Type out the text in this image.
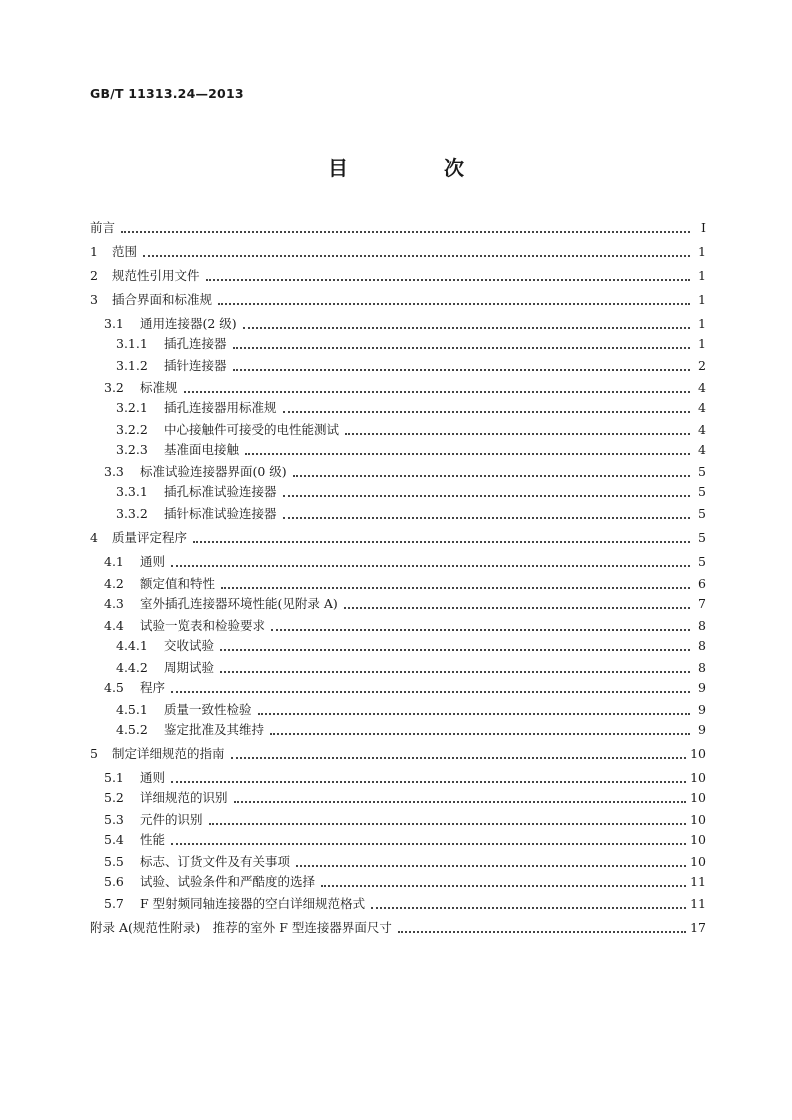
GB/T 11313.24—2013
目　次
前言	Ⅰ
1	范围	1
2	规范性引用文件	1
3	插合界面和标准规	1
3.1	通用连接器(2 级)	1
3.1.1	插孔连接器	1
3.1.2	插针连接器	2
3.2	标准规	4
3.2.1	插孔连接器用标准规	4
3.2.2	中心接触件可接受的电性能测试	4
3.2.3	基准面电接触	4
3.3	标准试验连接器界面(0 级)	5
3.3.1	插孔标准试验连接器	5
3.3.2	插针标准试验连接器	5
4	质量评定程序	5
4.1	通则	5
4.2	额定值和特性	6
4.3	室外插孔连接器环境性能(见附录 A)	7
4.4	试验一览表和检验要求	8
4.4.1	交收试验	8
4.4.2	周期试验	8
4.5	程序	9
4.5.1	质量一致性检验	9
4.5.2	鉴定批准及其维持	9
5	制定详细规范的指南	10
5.1	通则	10
5.2	详细规范的识别	10
5.3	元件的识别	10
5.4	性能	10
5.5	标志、订货文件及有关事项	10
5.6	试验、试验条件和严酷度的选择	11
5.7	F 型射频同轴连接器的空白详细规范格式	11
附录 A(规范性附录)　推荐的室外 F 型连接器界面尺寸	17
